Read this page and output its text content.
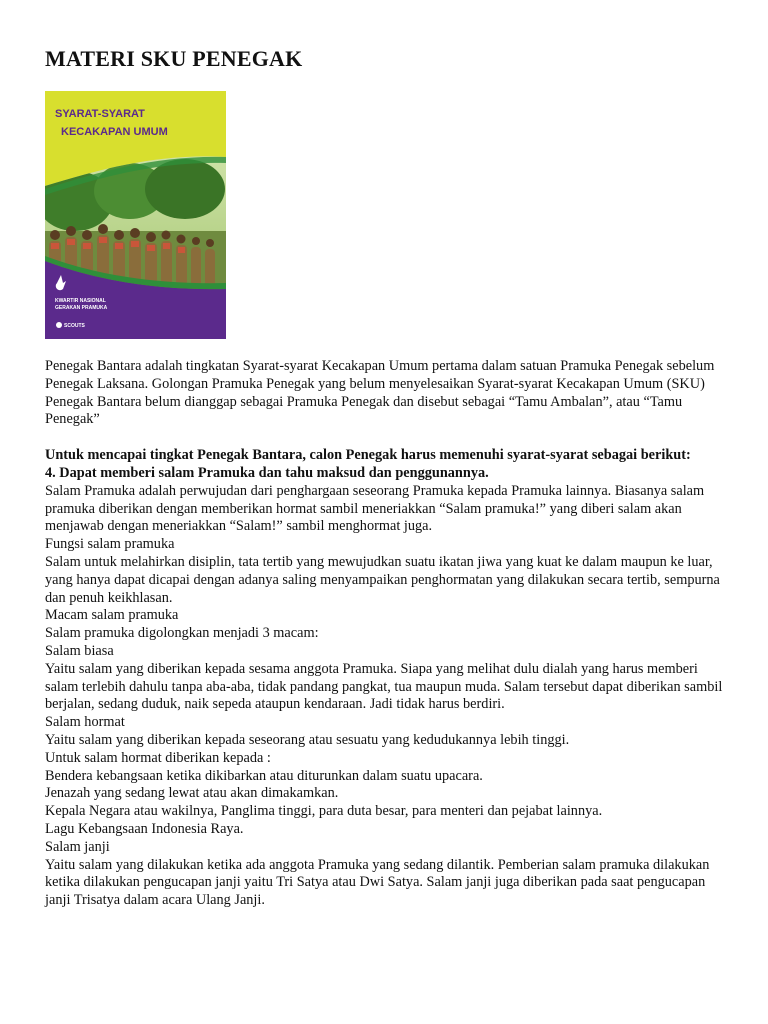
MATERI SKU PENEGAK
SYARAT-SYARAT
KECAKAPAN UMUM
KWARTIR NASIONAL
GERAKAN PRAMUKA
SCOUTS

Penegak Bantara adalah tingkatan Syarat-syarat Kecakapan Umum pertama dalam satuan Pramuka Penegak sebelum Penegak Laksana. Golongan Pramuka Penegak yang belum menyelesaikan Syarat-syarat Kecakapan Umum (SKU) Penegak Bantara belum dianggap sebagai Pramuka Penegak dan disebut sebagai “Tamu Ambalan”, atau “Tamu Penegak”

Untuk mencapai tingkat Penegak Bantara, calon Penegak harus memenuhi syarat-syarat sebagai berikut:

4. Dapat memberi salam Pramuka dan tahu maksud dan penggunannya.

Salam Pramuka adalah perwujudan dari penghargaan seseorang Pramuka kepada Pramuka lainnya. Biasanya salam pramuka diberikan dengan memberikan hormat sambil meneriakkan “Salam pramuka!” yang diberi salam akan menjawab dengan meneriakkan “Salam!” sambil menghormat juga.

Fungsi salam pramuka

Salam untuk melahirkan disiplin, tata tertib yang mewujudkan suatu ikatan jiwa yang kuat ke dalam maupun ke luar, yang hanya dapat dicapai dengan adanya saling menyampaikan penghormatan yang dilakukan secara tertib, sempurna dan penuh keikhlasan.

Macam salam pramuka

Salam pramuka digolongkan menjadi 3 macam:

Salam biasa

Yaitu salam yang diberikan kepada sesama anggota Pramuka. Siapa yang melihat dulu dialah yang harus memberi salam terlebih dahulu tanpa aba-aba, tidak pandang pangkat, tua maupun muda. Salam tersebut dapat diberikan sambil berjalan, sedang duduk, naik sepeda ataupun kendaraan. Jadi tidak harus berdiri.

Salam hormat

Yaitu salam yang diberikan kepada seseorang atau sesuatu yang kedudukannya lebih tinggi.

Untuk salam hormat diberikan kepada :

Bendera kebangsaan ketika dikibarkan atau diturunkan dalam suatu upacara.

Jenazah yang sedang lewat atau akan dimakamkan.

Kepala Negara atau wakilnya, Panglima tinggi, para duta besar, para menteri dan pejabat lainnya.

Lagu Kebangsaan Indonesia Raya.

Salam janji

Yaitu salam yang dilakukan ketika ada anggota Pramuka yang sedang dilantik. Pemberian salam pramuka dilakukan ketika dilakukan pengucapan janji yaitu Tri Satya atau Dwi Satya. Salam janji juga diberikan pada saat pengucapan janji Trisatya dalam acara Ulang Janji.
